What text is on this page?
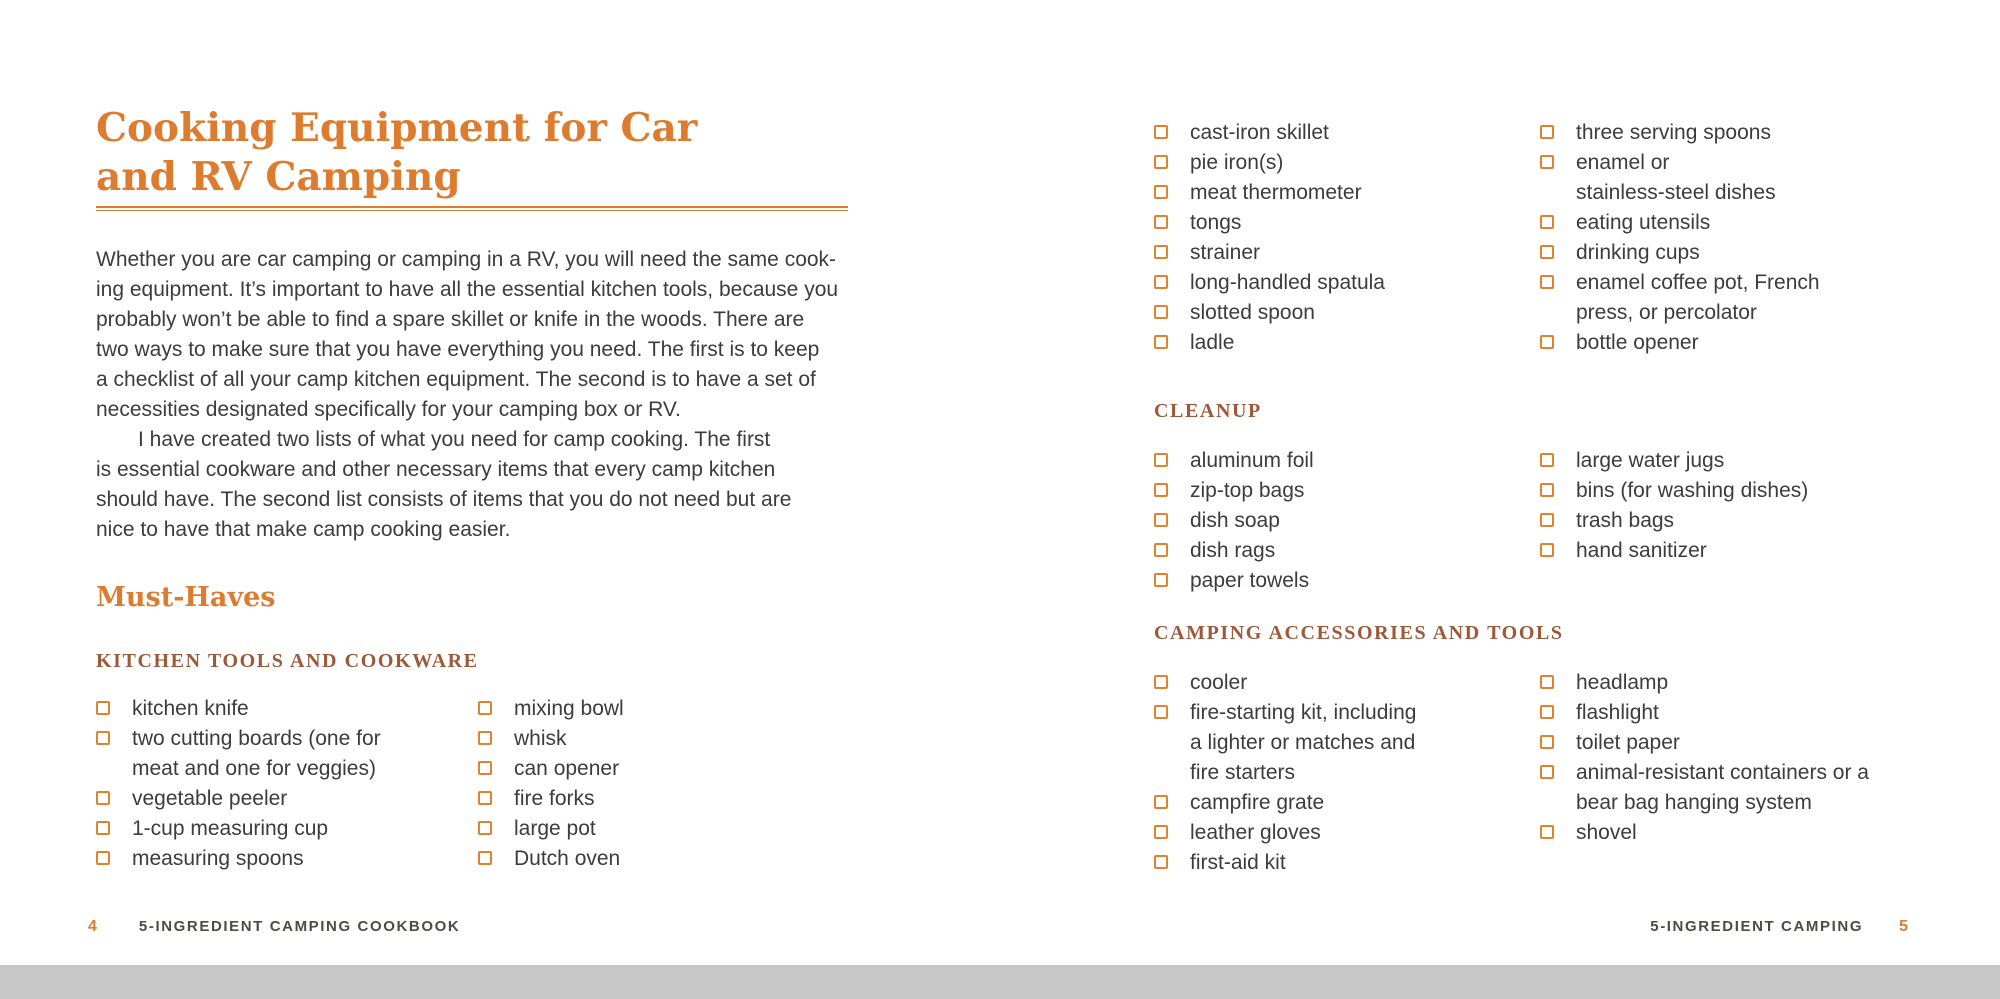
Cooking Equipment for Car
and RV Camping
Whether you are car camping or camping in a RV, you will need the same cook-
ing equipment. It’s important to have all the essential kitchen tools, because you
probably won’t be able to find a spare skillet or knife in the woods. There are
two ways to make sure that you have everything you need. The first is to keep
a checklist of all your camp kitchen equipment. The second is to have a set of
necessities designated specifically for your camping box or RV.
I have created two lists of what you need for camp cooking. The first
is essential cookware and other necessary items that every camp kitchen
should have. The second list consists of items that you do not need but are
nice to have that make camp cooking easier.
Must-Haves
KITCHEN TOOLS AND COOKWARE
kitchen knife
two cutting boards (one for
meat and one for veggies)
vegetable peeler
1-cup measuring cup
measuring spoons
mixing bowl
whisk
can opener
fire forks
large pot
Dutch oven
4	5-INGREDIENT CAMPING COOKBOOK
cast-iron skillet
pie iron(s)
meat thermometer
tongs
strainer
long-handled spatula
slotted spoon
ladle
three serving spoons
enamel or
stainless-steel dishes
eating utensils
drinking cups
enamel coffee pot, French
press, or percolator
bottle opener
CLEANUP
aluminum foil
zip-top bags
dish soap
dish rags
paper towels
large water jugs
bins (for washing dishes)
trash bags
hand sanitizer
CAMPING ACCESSORIES AND TOOLS
cooler
fire-starting kit, including
a lighter or matches and
fire starters
campfire grate
leather gloves
first-aid kit
headlamp
flashlight
toilet paper
animal-resistant containers or a
bear bag hanging system
shovel
5-INGREDIENT CAMPING 5
